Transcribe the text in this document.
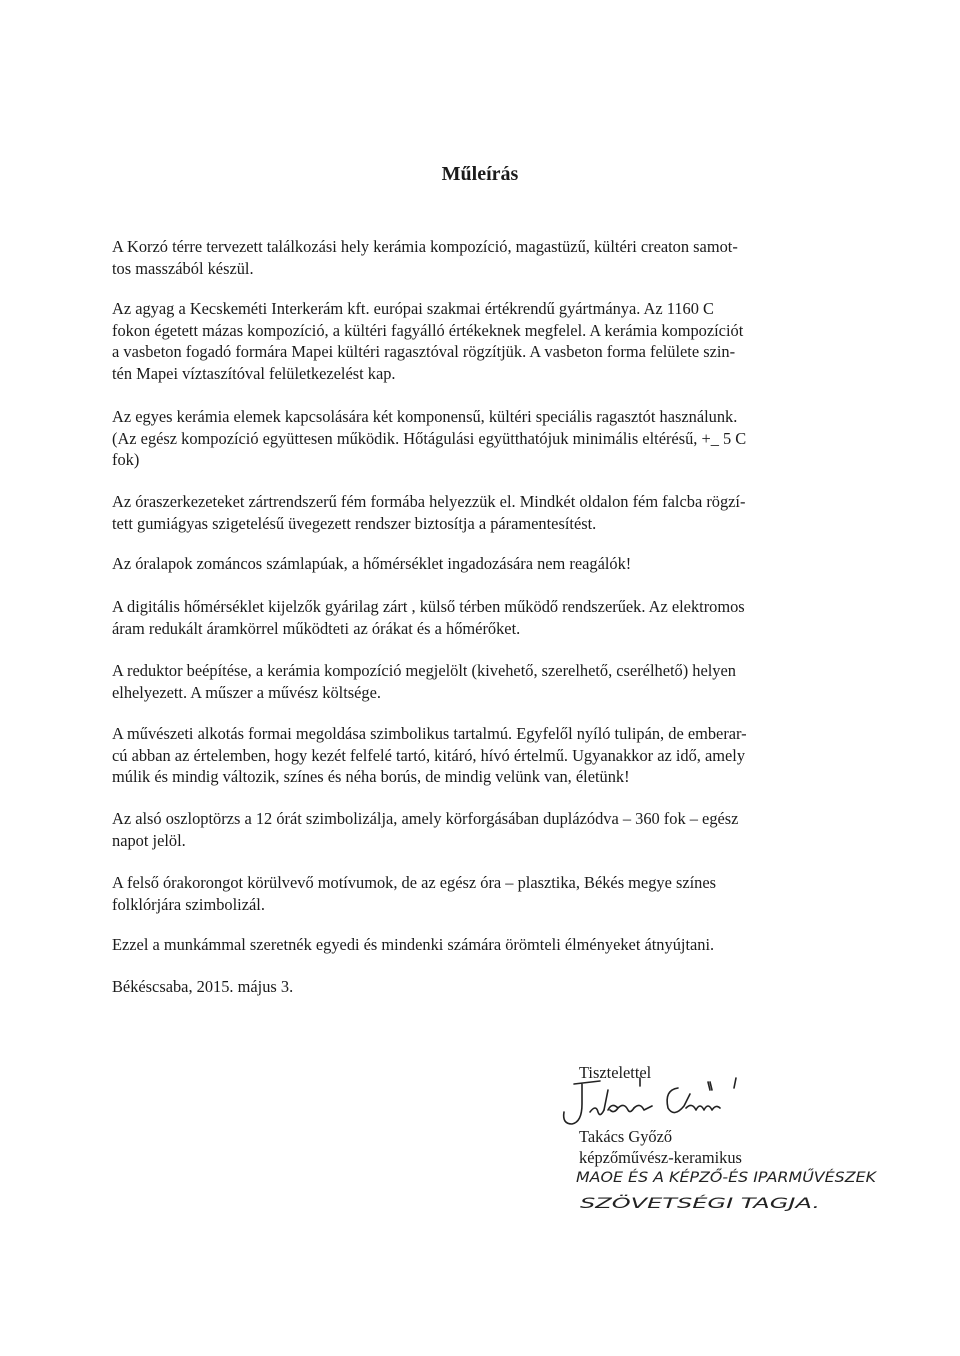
Műleírás

A Korzó térre tervezett találkozási hely kerámia kompozíció, magastüzű, kültéri creaton samot-
tos masszából készül.

Az agyag a Kecskeméti Interkerám kft. európai szakmai értékrendű gyártmánya. Az 1160 C
fokon égetett mázas kompozíció, a kültéri fagyálló értékeknek megfelel. A kerámia kompozíciót
a vasbeton fogadó formára Mapei kültéri ragasztóval rögzítjük. A vasbeton forma felülete szin-
tén Mapei víztaszítóval felületkezelést kap.

Az egyes kerámia elemek kapcsolására két komponensű, kültéri speciális ragasztót használunk.
(Az egész kompozíció együttesen működik. Hőtágulási együtthatójuk minimális eltérésű, +_ 5 C
fok)

Az óraszerkezeteket zártrendszerű fém formába helyezzük el. Mindkét oldalon fém falcba rögzí-
tett gumiágyas szigetelésű üvegezett rendszer biztosítja a páramentesítést.

Az óralapok zománcos számlapúak, a hőmérséklet ingadozására nem reagálók!

A digitális hőmérséklet kijelzők gyárilag zárt , külső térben működő rendszerűek. Az elektromos
áram redukált áramkörrel működteti az órákat és a hőmérőket.

A reduktor beépítése, a kerámia kompozíció megjelölt (kivehető, szerelhető, cserélhető) helyen
elhelyezett. A műszer a művész költsége.

A művészeti alkotás formai megoldása szimbolikus tartalmú. Egyfelől nyíló tulipán, de emberar-
cú abban az értelemben, hogy kezét felfelé tartó, kitáró, hívó értelmű. Ugyanakkor az idő, amely
múlik és mindig változik, színes és néha borús, de mindig velünk van, életünk!

Az alsó oszloptörzs a 12 órát szimbolizálja, amely körforgásában duplázódva – 360 fok – egész
napot jelöl.

A felső órakorongot körülvevő motívumok, de az egész óra – plasztika, Békés megye színes
folklórjára szimbolizál.

Ezzel a munkámmal szeretnék egyedi és mindenki számára örömteli élményeket átnyújtani.

Békéscsaba, 2015. május 3.

Tisztelettel

Takács Győző
képzőművész-keramikus

MAOE ÉS A KÉPZŐ-ÉS IPARMŰVÉSZEK
SZÖVETSÉGI TAGJA.
